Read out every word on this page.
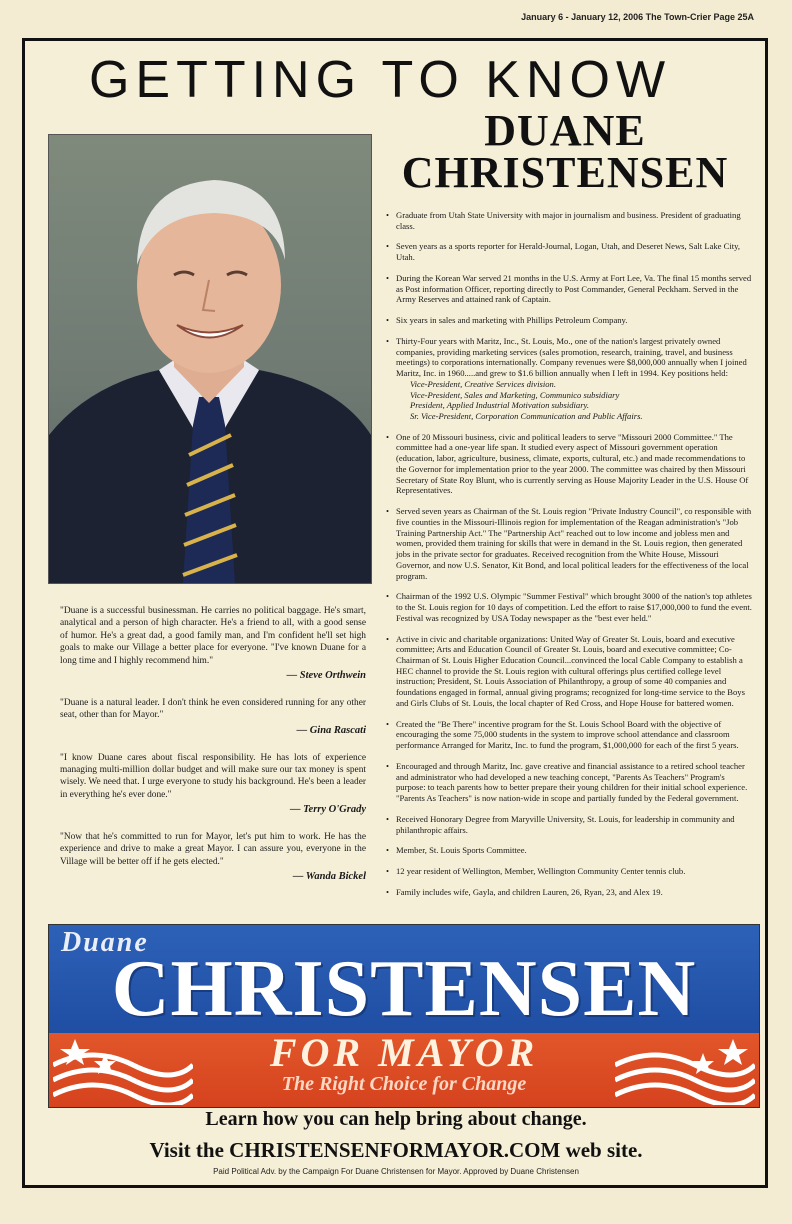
January 6 - January 12, 2006 The Town-Crier Page 25A
GETTING TO KNOW
DUANE
CHRISTENSEN
• Graduate from Utah State University with major in journalism and business. President of graduating class.
• Seven years as a sports reporter for Herald-Journal, Logan, Utah, and Deseret News, Salt Lake City, Utah.
• During the Korean War served 21 months in the U.S. Army at Fort Lee, Va. The final 15 months served as Post information Officer, reporting directly to Post Commander, General Peckham. Served in the Army Reserves and attained rank of Captain.
• Six years in sales and marketing with Phillips Petroleum Company.
• Thirty-Four years with Maritz, Inc., St. Louis, Mo., one of the nation's largest privately owned companies, providing marketing services (sales promotion, research, training, travel, and business meetings) to corporations internationally. Company revenues were $8,000,000 annually when I joined Maritz, Inc. in 1960.....and grew to $1.6 billion annually when I left in 1994. Key positions held:
Vice-President, Creative Services division.
Vice-President, Sales and Marketing, Communico subsidiary
President, Applied Industrial Motivation subsidiary.
Sr. Vice-President, Corporation Communication and Public Affairs.
• One of 20 Missouri business, civic and political leaders to serve "Missouri 2000 Committee." The committee had a one-year life span. It studied every aspect of Missouri government operation (education, labor, agriculture, business, climate, exports, cultural, etc.) and made recommendations to the Governor for implementation prior to the year 2000. The committee was chaired by then Missouri Secretary of State Roy Blunt, who is currently serving as House Majority Leader in the U.S. House Of Representatives.
• Served seven years as Chairman of the St. Louis region "Private Industry Council", co responsible with five counties in the Missouri-Illinois region for implementation of the Reagan administration's "Job Training Partnership Act." The "Partnership Act" reached out to low income and jobless men and women, provided them training for skills that were in demand in the St. Louis region, then generated jobs in the private sector for graduates. Received recognition from the White House, Missouri Governor, and now U.S. Senator, Kit Bond, and local political leaders for the effectiveness of the local program.
• Chairman of the 1992 U.S. Olympic "Summer Festival" which brought 3000 of the nation's top athletes to the St. Louis region for 10 days of competition. Led the effort to raise $17,000,000 to fund the event. Festival was recognized by USA Today newspaper as the "best ever held."
• Active in civic and charitable organizations: United Way of Greater St. Louis, board and executive committee; Arts and Education Council of Greater St. Louis, board and executive committee; Co-Chairman of St. Louis Higher Education Council...convinced the local Cable Company to establish a HEC channel to provide the St. Louis region with cultural offerings plus certified college level instruction; President, St. Louis Association of Philanthropy, a group of some 40 companies and foundations engaged in formal, annual giving programs; recognized for long-time service to the Boys and Girls Clubs of St. Louis, the local chapter of Red Cross, and Hope House for battered women.
• Created the "Be There" incentive program for the St. Louis School Board with the objective of encouraging the some 75,000 students in the system to improve school attendance and classroom performance Arranged for Maritz, Inc. to fund the program, $1,000,000 for each of the first 5 years.
• Encouraged and through Maritz, Inc. gave creative and financial assistance to a retired school teacher and administrator who had developed a new teaching concept, "Parents As Teachers" Program's purpose: to teach parents how to better prepare their young children for their initial school experience. "Parents As Teachers" is now nation-wide in scope and partially funded by the Federal government.
• Received Honorary Degree from Maryville University, St. Louis, for leadership in community and philanthropic affairs.
• Member, St. Louis Sports Committee.
• 12 year resident of Wellington, Member, Wellington Community Center tennis club.
• Family includes wife, Gayla, and children Lauren, 26, Ryan, 23, and Alex 19.
"Duane is a successful businessman. He carries no political baggage. He's smart, analytical and a person of high character. He's a friend to all, with a good sense of humor. He's a great dad, a good family man, and I'm confident he'll set high goals to make our Village a better place for everyone. "I've known Duane for a long time and I highly recommend him."
— Steve Orthwein
"Duane is a natural leader. I don't think he even considered running for any other seat, other than for Mayor."
— Gina Rascati
"I know Duane cares about fiscal responsibility. He has lots of experience managing multi-million dollar budget and will make sure our tax money is spent wisely. We need that. I urge everyone to study his background. He's been a leader in everything he's ever done."
— Terry O'Grady
"Now that he's committed to run for Mayor, let's put him to work. He has the experience and drive to make a great Mayor. I can assure you, everyone in the Village will be better off if he gets elected."
— Wanda Bickel
Duane
CHRISTENSEN
FOR MAYOR
The Right Choice for Change
Learn how you can help bring about change.
Visit the CHRISTENSENFORMAYOR.COM web site.
Paid Political Adv. by the Campaign For Duane Christensen for Mayor. Approved by Duane Christensen
